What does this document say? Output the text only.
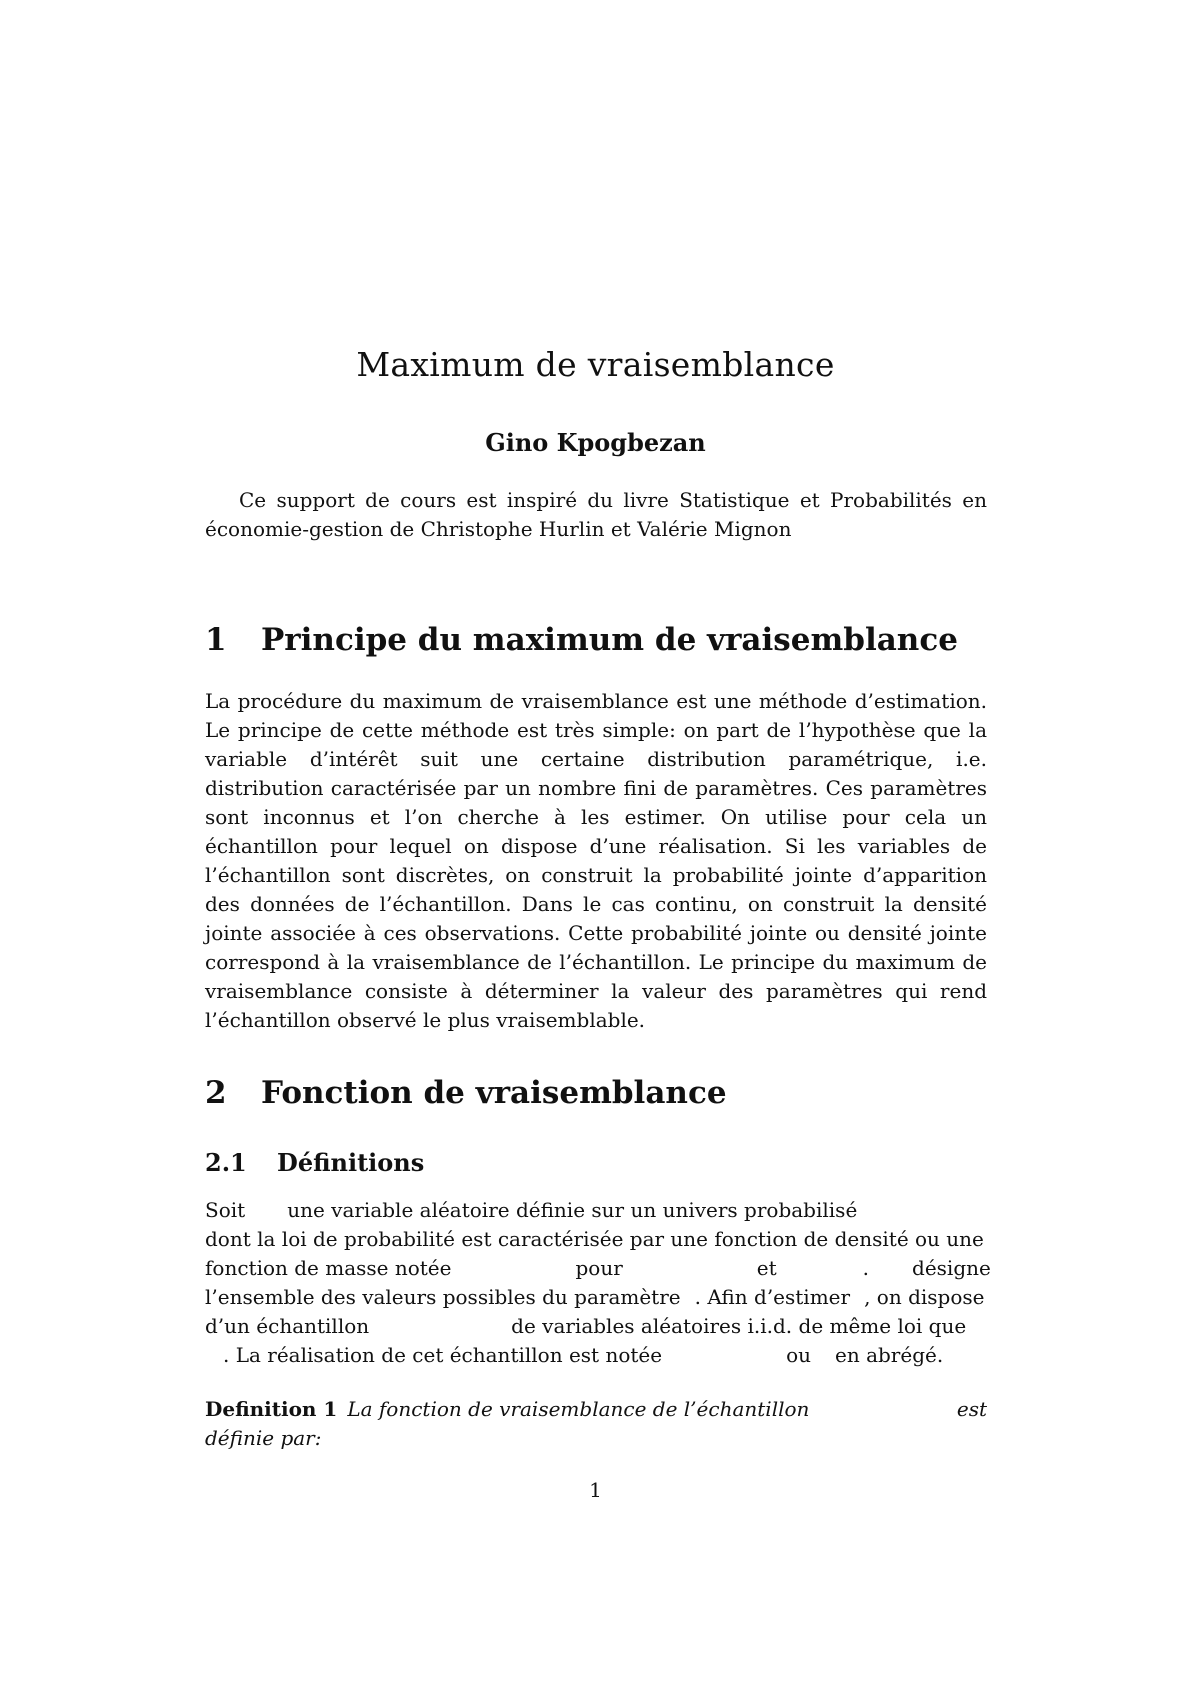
Maximum de vraisemblance
Gino Kpogbezan

Ce support de cours est inspiré du livre Statistique et Probabilités en économie-gestion de Christophe Hurlin et Valérie Mignon

1 Principe du maximum de vraisemblance

La procédure du maximum de vraisemblance est une méthode d’estimation. Le principe de cette méthode est très simple: on part de l’hypothèse que la variable d’intérêt suit une certaine distribution paramétrique, i.e. distribution caractérisée par un nombre fini de paramètres. Ces paramètres sont inconnus et l’on cherche à les estimer. On utilise pour cela un échantillon pour lequel on dispose d’une réalisation. Si les variables de l’échantillon sont discrètes, on construit la probabilité jointe d’apparition des données de l’échantillon. Dans le cas continu, on construit la densité jointe associée à ces observations. Cette probabilité jointe ou densité jointe correspond à la vraisemblance de l’échantillon. Le principe du maximum de vraisemblance consiste à déterminer la valeur des paramètres qui rend l’échantillon observé le plus vraisemblable.

2 Fonction de vraisemblance
2.1 Définitions
Soit une variable aléatoire définie sur un univers probabilisé
dont la loi de probabilité est caractérisée par une fonction de densité ou une
fonction de masse notée	pour	et	. désigne
l’ensemble des valeurs possibles du paramètre . Afin d’estimer , on dispose
d’un échantillon	de variables aléatoires i.i.d. de même loi que
. La réalisation de cet échantillon est notée	ou en abrégé.
Definition 1 La fonction de vraisemblance de l’échantillon	est
définie par:
1
